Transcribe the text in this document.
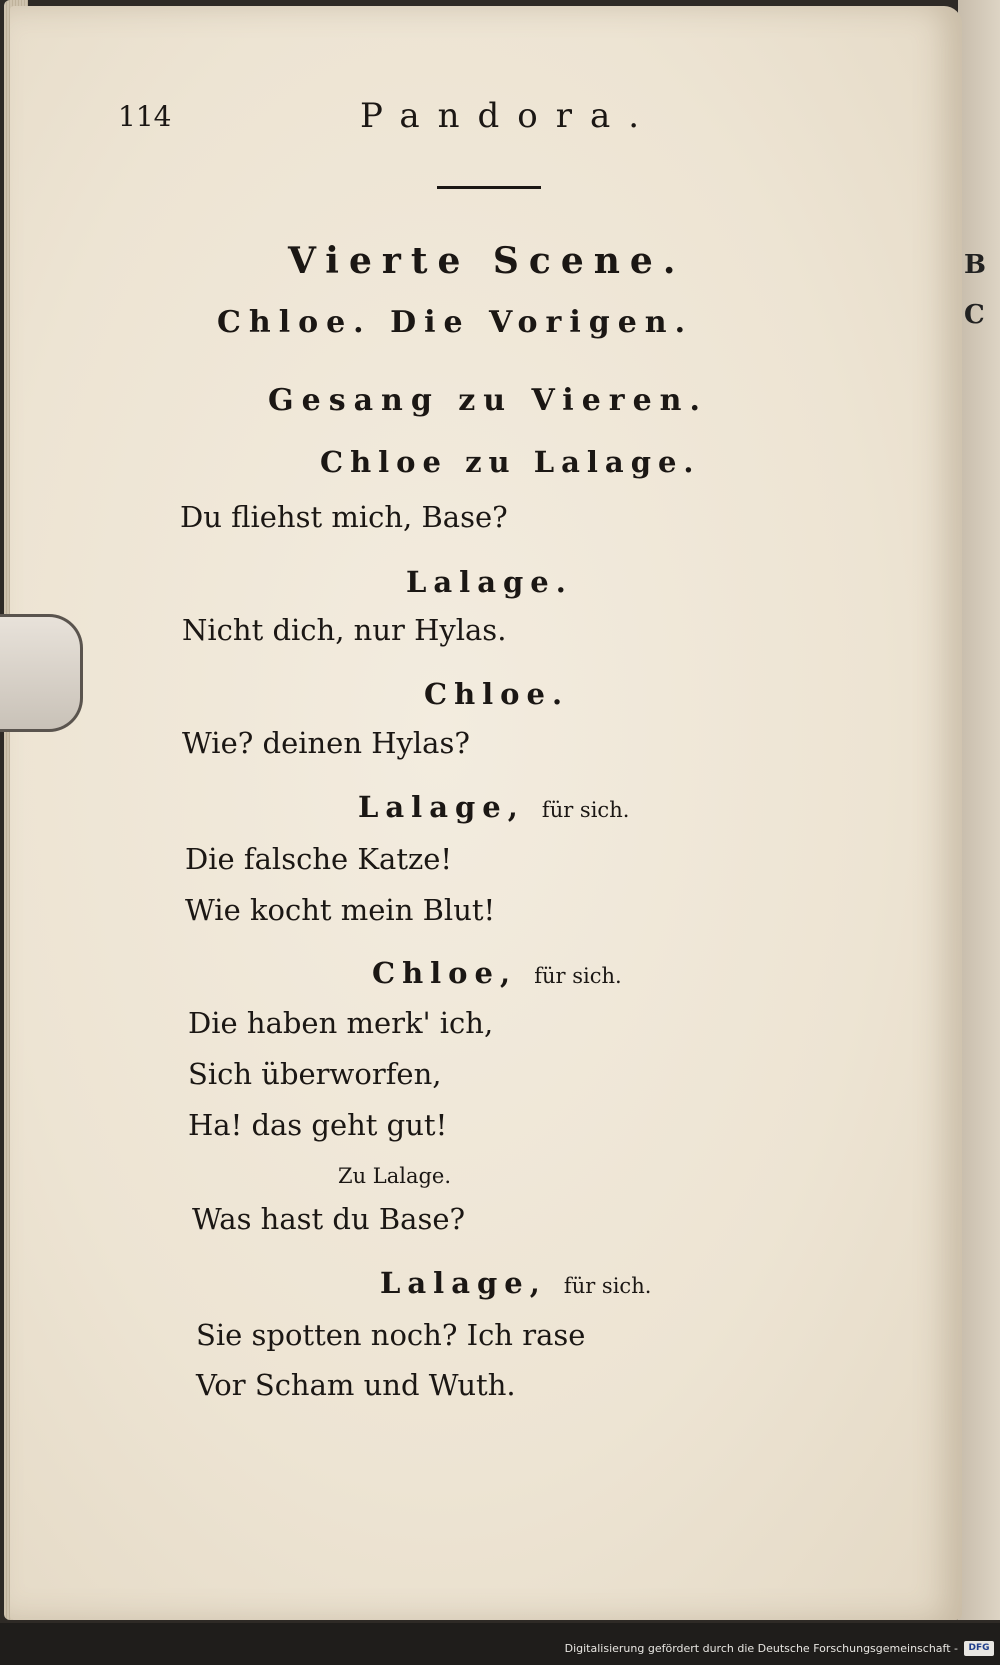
B
C
114	Pandora.
Vierte Scene.
Chloe. Die Vorigen.
Gesang zu Vieren.
Chloe zu Lalage.
Du fliehst mich, Base?
Lalage.
Nicht dich, nur Hylas.
Chloe.
Wie? deinen Hylas?
Lalage, für sich.
Die falsche Katze!
Wie kocht mein Blut!
Chloe, für sich.
Die haben merk' ich,
Sich überworfen,
Ha! das geht gut!
Zu Lalage.
Was hast du Base?
Lalage, für sich.
Sie spotten noch? Ich rase
Vor Scham und Wuth.
Digitalisierung gefördert durch die Deutsche Forschungsgemeinschaft -	DFG
